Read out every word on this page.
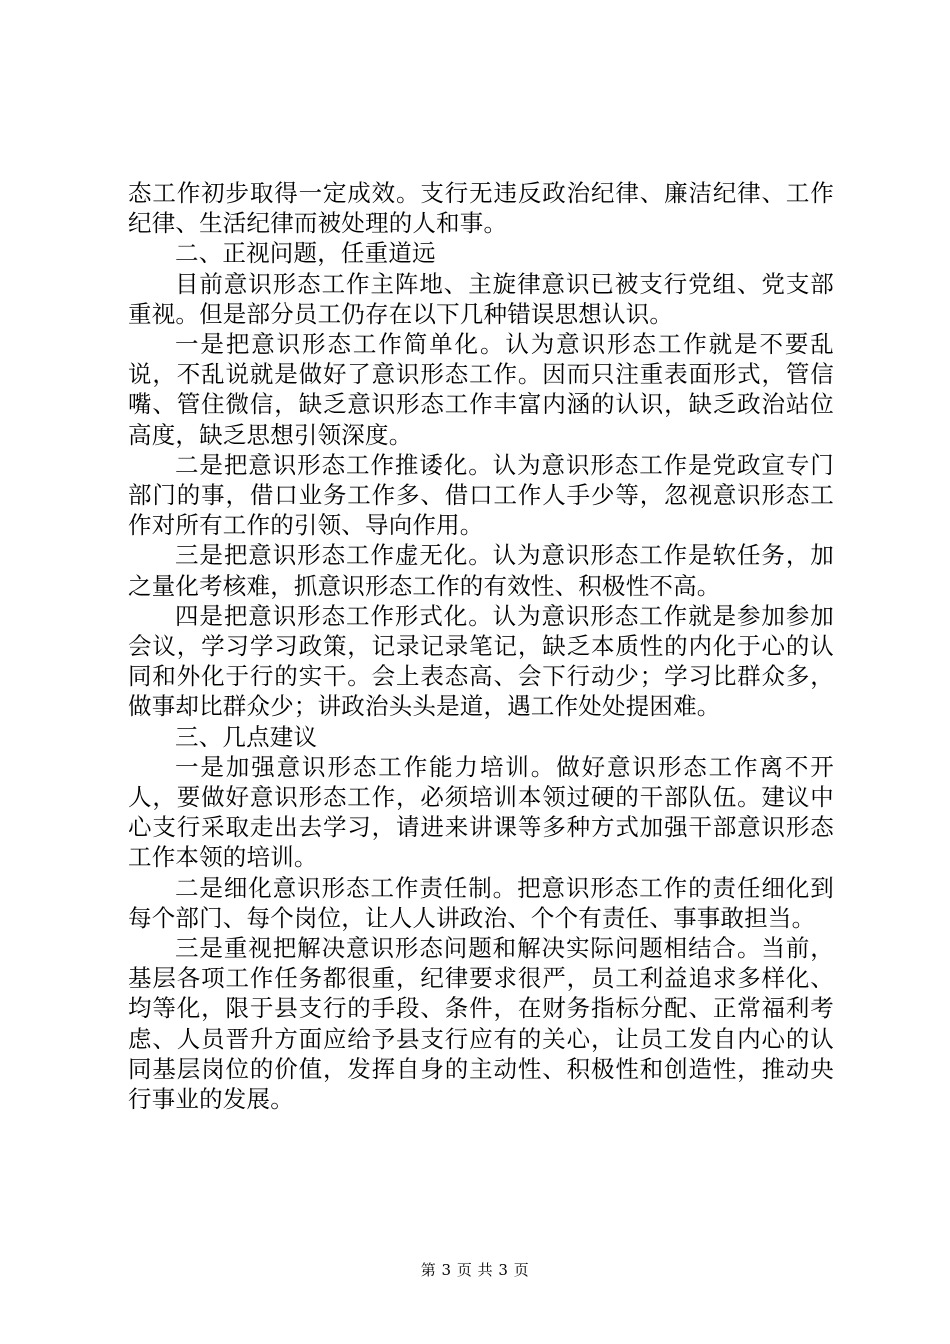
态工作初步取得一定成效。支行无违反政治纪律、廉洁纪律、工作纪律、生活纪律而被处理的人和事。

二、正视问题，任重道远

目前意识形态工作主阵地、主旋律意识已被支行党组、党支部重视。但是部分员工仍存在以下几种错误思想认识。

一是把意识形态工作简单化。认为意识形态工作就是不要乱说，不乱说就是做好了意识形态工作。因而只注重表面形式，管信嘴、管住微信，缺乏意识形态工作丰富内涵的认识，缺乏政治站位高度，缺乏思想引领深度。

二是把意识形态工作推诿化。认为意识形态工作是党政宣专门部门的事，借口业务工作多、借口工作人手少等，忽视意识形态工作对所有工作的引领、导向作用。

三是把意识形态工作虚无化。认为意识形态工作是软任务，加之量化考核难，抓意识形态工作的有效性、积极性不高。

四是把意识形态工作形式化。认为意识形态工作就是参加参加会议，学习学习政策，记录记录笔记，缺乏本质性的内化于心的认同和外化于行的实干。会上表态高、会下行动少；学习比群众多，做事却比群众少；讲政治头头是道，遇工作处处提困难。

三、几点建议

一是加强意识形态工作能力培训。做好意识形态工作离不开人，要做好意识形态工作，必须培训本领过硬的干部队伍。建议中心支行采取走出去学习，请进来讲课等多种方式加强干部意识形态工作本领的培训。

二是细化意识形态工作责任制。把意识形态工作的责任细化到每个部门、每个岗位，让人人讲政治、个个有责任、事事敢担当。

三是重视把解决意识形态问题和解决实际问题相结合。当前，基层各项工作任务都很重，纪律要求很严，员工利益追求多样化、均等化，限于县支行的手段、条件，在财务指标分配、正常福利考虑、人员晋升方面应给予县支行应有的关心，让员工发自内心的认同基层岗位的价值，发挥自身的主动性、积极性和创造性，推动央行事业的发展。

第 3 页 共 3 页
